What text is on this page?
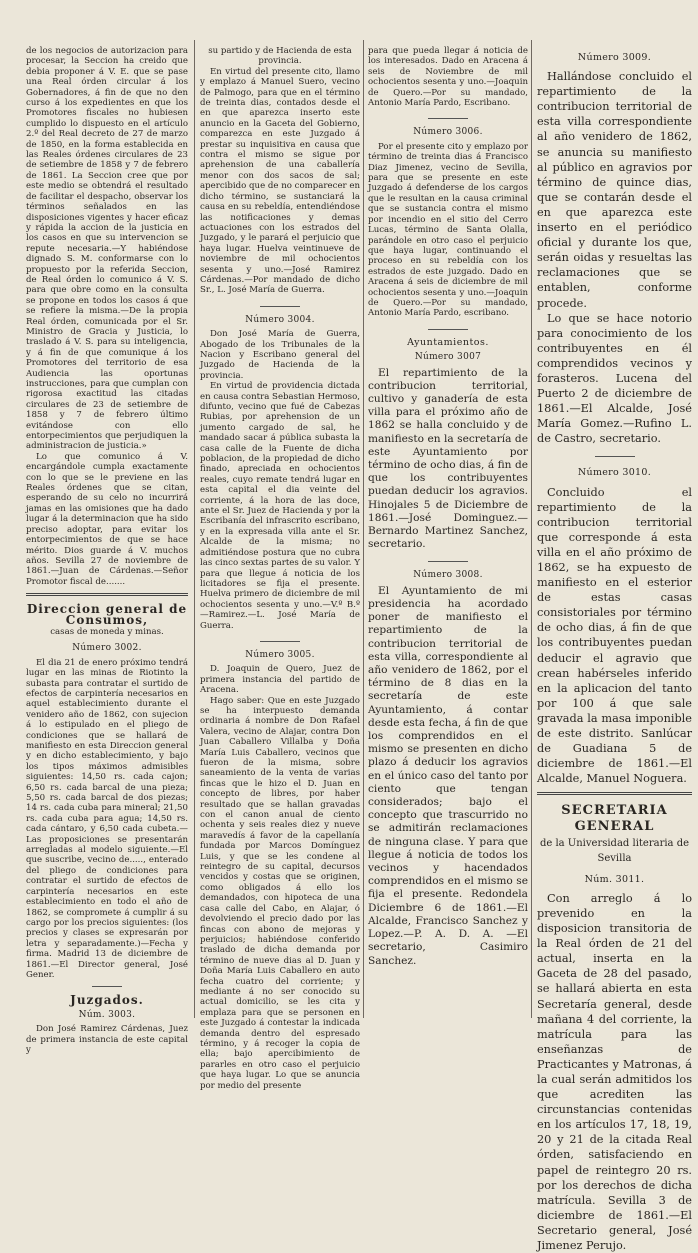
de los negocios de autorizacion para procesar, la Seccion ha creido que debia proponer á V. E. que se pase una Real órden circular á los Gobernadores, á fin de que no den curso á los expedientes en que los Promotores fiscales no hubiesen cumplido lo dispuesto en el artículo 2.º del Real decreto de 27 de marzo de 1850, en la forma establecida en las Reales órdenes circulares de 23 de setiembre de 1858 y 7 de febrero de 1861. La Seccion cree que por este medio se obtendrá el resultado de facilitar el despacho, observar los términos señalados en las disposiciones vigentes y hacer eficaz y rápida la accion de la justicia en los casos en que su intervencion se repute necesaria.—Y habiéndose dignado S. M. conformarse con lo propuesto por la referida Seccion, de Real órden lo comunico á V. S. para que obre como en la consulta se propone en todos los casos á que se refiere la misma.—De la propia Real órden, comunicada por el Sr. Ministro de Gracia y Justicia, lo traslado á V. S. para su inteligencia, y á fin de que comunique á los Promotores del territorio de esa Audiencia las oportunas instrucciones, para que cumplan con rigorosa exactitud las citadas circulares de 23 de setiembre de 1858 y 7 de febrero último evitándose con ello entorpecimientos que perjudiquen la administracion de justicia.»

Lo que comunico á V. encargándole cumpla exactamente con lo que se le previene en las Reales órdenes que se citan, esperando de su celo no incurrirá jamas en las omisiones que ha dado lugar á la determinacion que ha sido preciso adoptar, para evitar los entorpecimientos de que se hace mérito. Dios guarde á V. muchos años. Sevilla 27 de noviembre de 1861.—Juan de Cárdenas.—Señor Promotor fiscal de.......

Direccion general de Consumos,
casas de moneda y minas.
Número 3002.

El dia 21 de enero próximo tendrá lugar en las minas de Riotinto la subasta para contratar el surtido de efectos de carpintería necesarios en aquel establecimiento durante el venidero año de 1862, con sujecion á lo estipulado en el pliego de condiciones que se hallará de manifiesto en esta Direccion general y en dicho establecimiento, y bajo los tipos máximos admisibles siguientes: 14,50 rs. cada cajon; 6,50 rs. cada barcal de una pieza; 5,50 rs. cada barcal de dos piezas; 14 rs. cada cuba para mineral; 21,50 rs. cada cuba para agua; 14,50 rs. cada cántaro, y 6,50 cada cubeta.—Las proposiciones se presentarán arregladas al modelo siguiente.—El que suscribe, vecino de....., enterado del pliego de condiciones para contratar el surtido de efectos de carpintería necesarios en este establecimiento en todo el año de 1862, se compromete á cumplir á su cargo por los precios siguientes: (los precios y clases se expresarán por letra y separadamente.)—Fecha y firma. Madrid 13 de diciembre de 1861.—El Director general, José Gener.

Juzgados.
Núm. 3003.

Don José Ramirez Cárdenas, Juez de primera instancia de este capital y

su partido y de Hacienda de esta provincia.

En virtud del presente cito, llamo y emplazo á Manuel Suero, vecino de Palmogo, para que en el término de treinta dias, contados desde el en que aparezca inserto este anuncio en la Gaceta del Gobierno, comparezca en este Juzgado á prestar su inquisitiva en causa que contra el mismo se sigue por aprehension de una caballería menor con dos sacos de sal; apercibido que de no comparecer en dicho término, se sustanciará la causa en su rebeldía, entendiéndose las notificaciones y demas actuaciones con los estrados del Juzgado, y le parará el perjuicio que haya lugar. Huelva veintinueve de noviembre de mil ochocientos sesenta y uno.—José Ramirez Cárdenas.—Por mandado de dicho Sr., L. José María de Guerra.

Número 3004.

Don José María de Guerra, Abogado de los Tribunales de la Nacion y Escribano general del Juzgado de Hacienda de la provincia.

En virtud de providencia dictada en causa contra Sebastian Hermoso, difunto, vecino que fué de Cabezas Rubias, por aprehension de un jumento cargado de sal, he mandado sacar á pública subasta la casa calle de la Fuente de dicha poblacion, de la propiedad de dicho finado, apreciada en ochocientos reales, cuyo remate tendrá lugar en esta capital el dia veinte del corriente, á la hora de las doce, ante el Sr. Juez de Hacienda y por la Escribanía del infrascrito escribano, y en la expresada villa ante el Sr. Alcalde de la misma; no admitiéndose postura que no cubra las cinco sextas partes de su valor. Y para que llegue á noticia de los licitadores se fija el presente. Huelva primero de diciembre de mil ochocientos sesenta y uno.—V.º B.º—Ramirez.—L. José María de Guerra.

Número 3005.

D. Joaquin de Quero, Juez de primera instancia del partido de Aracena.

Hago saber: Que en este Juzgado se ha interpuesto demanda ordinaria á nombre de Don Rafael Valera, vecino de Alajar, contra Don Juan Caballero Villalba y Doña María Luis Caballero, vecinos que fueron de la misma, sobre saneamiento de la venta de varias fincas que le hizo el D. Juan en concepto de libres, por haber resultado que se hallan gravadas con el canon anual de ciento ochenta y seis reales diez y nueve maravedís á favor de la capellanía fundada por Marcos Domínguez Luis, y que se les condene al reintegro de su capital, decursos vencidos y costas que se originen, como obligados á ello los demandados, con hipoteca de una casa calle del Cabo, en Alajar, ó devolviendo el precio dado por las fincas con abono de mejoras y perjuicios; habiéndose conferido traslado de dicha demanda por término de nueve dias al D. Juan y Doña María Luis Caballero en auto fecha cuatro del corriente; y mediante á no ser conocido su actual domicilio, se les cita y emplaza para que se personen en este Juzgado á contestar la indicada demanda dentro del espresado término, y á recoger la copia de ella; bajo apercibimiento de pararles en otro caso el perjuicio que haya lugar. Lo que se anuncia por medio del presente

para que pueda llegar á noticia de los interesados. Dado en Aracena á seis de Noviembre de mil ochocientos sesenta y uno.—Joaquin de Quero.—Por su mandado, Antonio María Pardo, Escribano.

Número 3006.

Por el presente cito y emplazo por término de treinta dias á Francisco Diaz Jimenez, vecino de Sevilla, para que se presente en este Juzgado á defenderse de los cargos que le resultan en la causa criminal que se sustancia contra el mismo por incendio en el sitio del Cerro Lucas, término de Santa Olalla, parándole en otro caso el perjuicio que haya lugar, continuando el proceso en su rebeldía con los estrados de este juzgado. Dado en Aracena á seis de diciembre de mil ochocientos sesenta y uno.—Joaquin de Quero.—Por su mandado, Antonio María Pardo, escribano.

Ayuntamientos.
Número 3007

El repartimiento de la contribucion territorial, cultivo y ganadería de esta villa para el próximo año de 1862 se halla concluido y de manifiesto en la secretaría de este Ayuntamiento por término de ocho dias, á fin de que los contribuyentes puedan deducir los agravios. Hinojales 5 de Diciembre de 1861.—José Dominguez.—Bernardo Martinez Sanchez, secretario.

Número 3008.

El Ayuntamiento de mi presidencia ha acordado poner de manifiesto el repartimiento de la contribucion territorial de esta villa, correspondiente al año venidero de 1862, por el término de 8 dias en la secretaría de este Ayuntamiento, á contar desde esta fecha, á fin de que los comprendidos en el mismo se presenten en dicho plazo á deducir los agravios en el único caso del tanto por ciento que tengan considerados; bajo el concepto que trascurrido no se admitirán reclamaciones de ninguna clase. Y para que llegue á noticia de todos los vecinos y hacendados comprendidos en el mismo se fija el presente. Redondela Diciembre 6 de 1861.—El Alcalde, Francisco Sanchez y Lopez.—P. A. D. A. —El secretario, Casimiro Sanchez.

Número 3009.

Hallándose concluido el repartimiento de la contribucion territorial de esta villa correspondiente al año venidero de 1862, se anuncia su manifiesto al público en agravios por término de quince dias, que se contarán desde el en que aparezca este inserto en el periódico oficial y durante los que, serán oidas y resueltas las reclamaciones que se entablen, conforme procede.

Lo que se hace notorio para conocimiento de los contribuyentes en él comprendidos vecinos y forasteros. Lucena del Puerto 2 de diciembre de 1861.—El Alcalde, José María Gomez.—Rufino L. de Castro, secretario.

Número 3010.

Concluido el repartimiento de la contribucion territorial que corresponde á esta villa en el año próximo de 1862, se ha expuesto de manifiesto en el esterior de estas casas consistoriales por término de ocho dias, á fin de que los contribuyentes puedan deducir el agravio que crean habérseles inferido en la aplicacion del tanto por 100 á que sale gravada la masa imponible de este distrito. Sanlúcar de Guadiana 5 de diciembre de 1861.—El Alcalde, Manuel Noguera.

SECRETARIA GENERAL
de la Universidad literaria de Sevilla
Núm. 3011.

Con arreglo á lo prevenido en la disposicion transitoria de la Real órden de 21 del actual, inserta en la Gaceta de 28 del pasado, se hallará abierta en esta Secretaría general, desde mañana 4 del corriente, la matrícula para las enseñanzas de Practicantes y Matronas, á la cual serán admitidos los que acrediten las circunstancias contenidas en los artículos 17, 18, 19, 20 y 21 de la citada Real órden, satisfaciendo en papel de reintegro 20 rs. por los derechos de dicha matrícula. Sevilla 3 de diciembre de 1861.—El Secretario general, José Jimenez Perujo.
